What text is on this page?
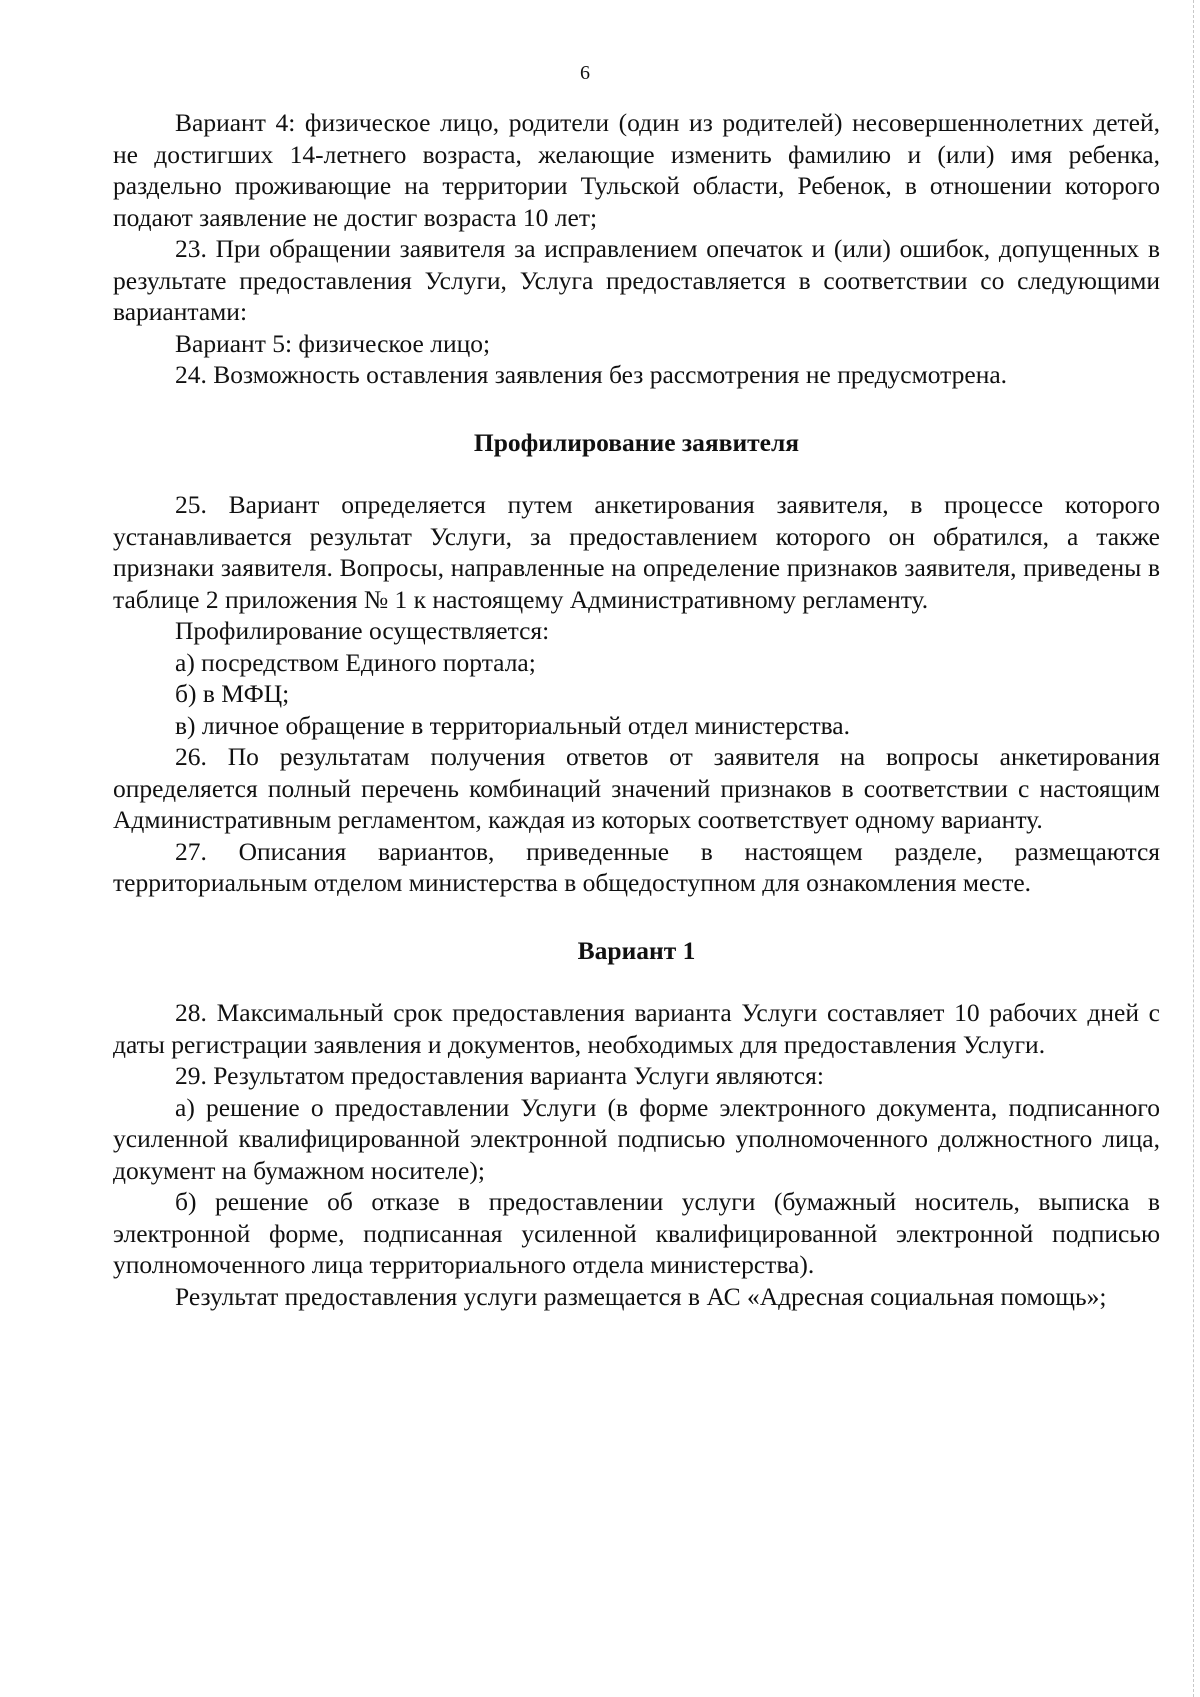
6

Вариант 4: физическое лицо, родители (один из родителей) несовершеннолетних детей, не достигших 14-летнего возраста, желающие изменить фамилию и (или) имя ребенка, раздельно проживающие на территории Тульской области, Ребенок, в отношении которого подают заявление не достиг возраста 10 лет;

23. При обращении заявителя за исправлением опечаток и (или) ошибок, допущенных в результате предоставления Услуги, Услуга предоставляется в соответствии со следующими вариантами:

Вариант 5: физическое лицо;

24. Возможность оставления заявления без рассмотрения не предусмотрена.

Профилирование заявителя

25. Вариант определяется путем анкетирования заявителя, в процессе которого устанавливается результат Услуги, за предоставлением которого он обратился, а также признаки заявителя. Вопросы, направленные на определение признаков заявителя, приведены в таблице 2 приложения № 1 к настоящему Административному регламенту.

Профилирование осуществляется:

а) посредством Единого портала;

б) в МФЦ;

в) личное обращение в территориальный отдел министерства.

26. По результатам получения ответов от заявителя на вопросы анкетирования определяется полный перечень комбинаций значений признаков в соответствии с настоящим Административным регламентом, каждая из которых соответствует одному варианту.

27. Описания вариантов, приведенные в настоящем разделе, размещаются территориальным отделом министерства в общедоступном для ознакомления месте.

Вариант 1

28. Максимальный срок предоставления варианта Услуги составляет 10 рабочих дней с даты регистрации заявления и документов, необходимых для предоставления Услуги.

29. Результатом предоставления варианта Услуги являются:

а) решение о предоставлении Услуги (в форме электронного документа, подписанного усиленной квалифицированной электронной подписью уполномоченного должностного лица, документ на бумажном носителе);

б) решение об отказе в предоставлении услуги (бумажный носитель, выписка в электронной форме, подписанная усиленной квалифицированной электронной подписью уполномоченного лица территориального отдела министерства).

Результат предоставления услуги размещается в АС «Адресная социальная помощь»;
